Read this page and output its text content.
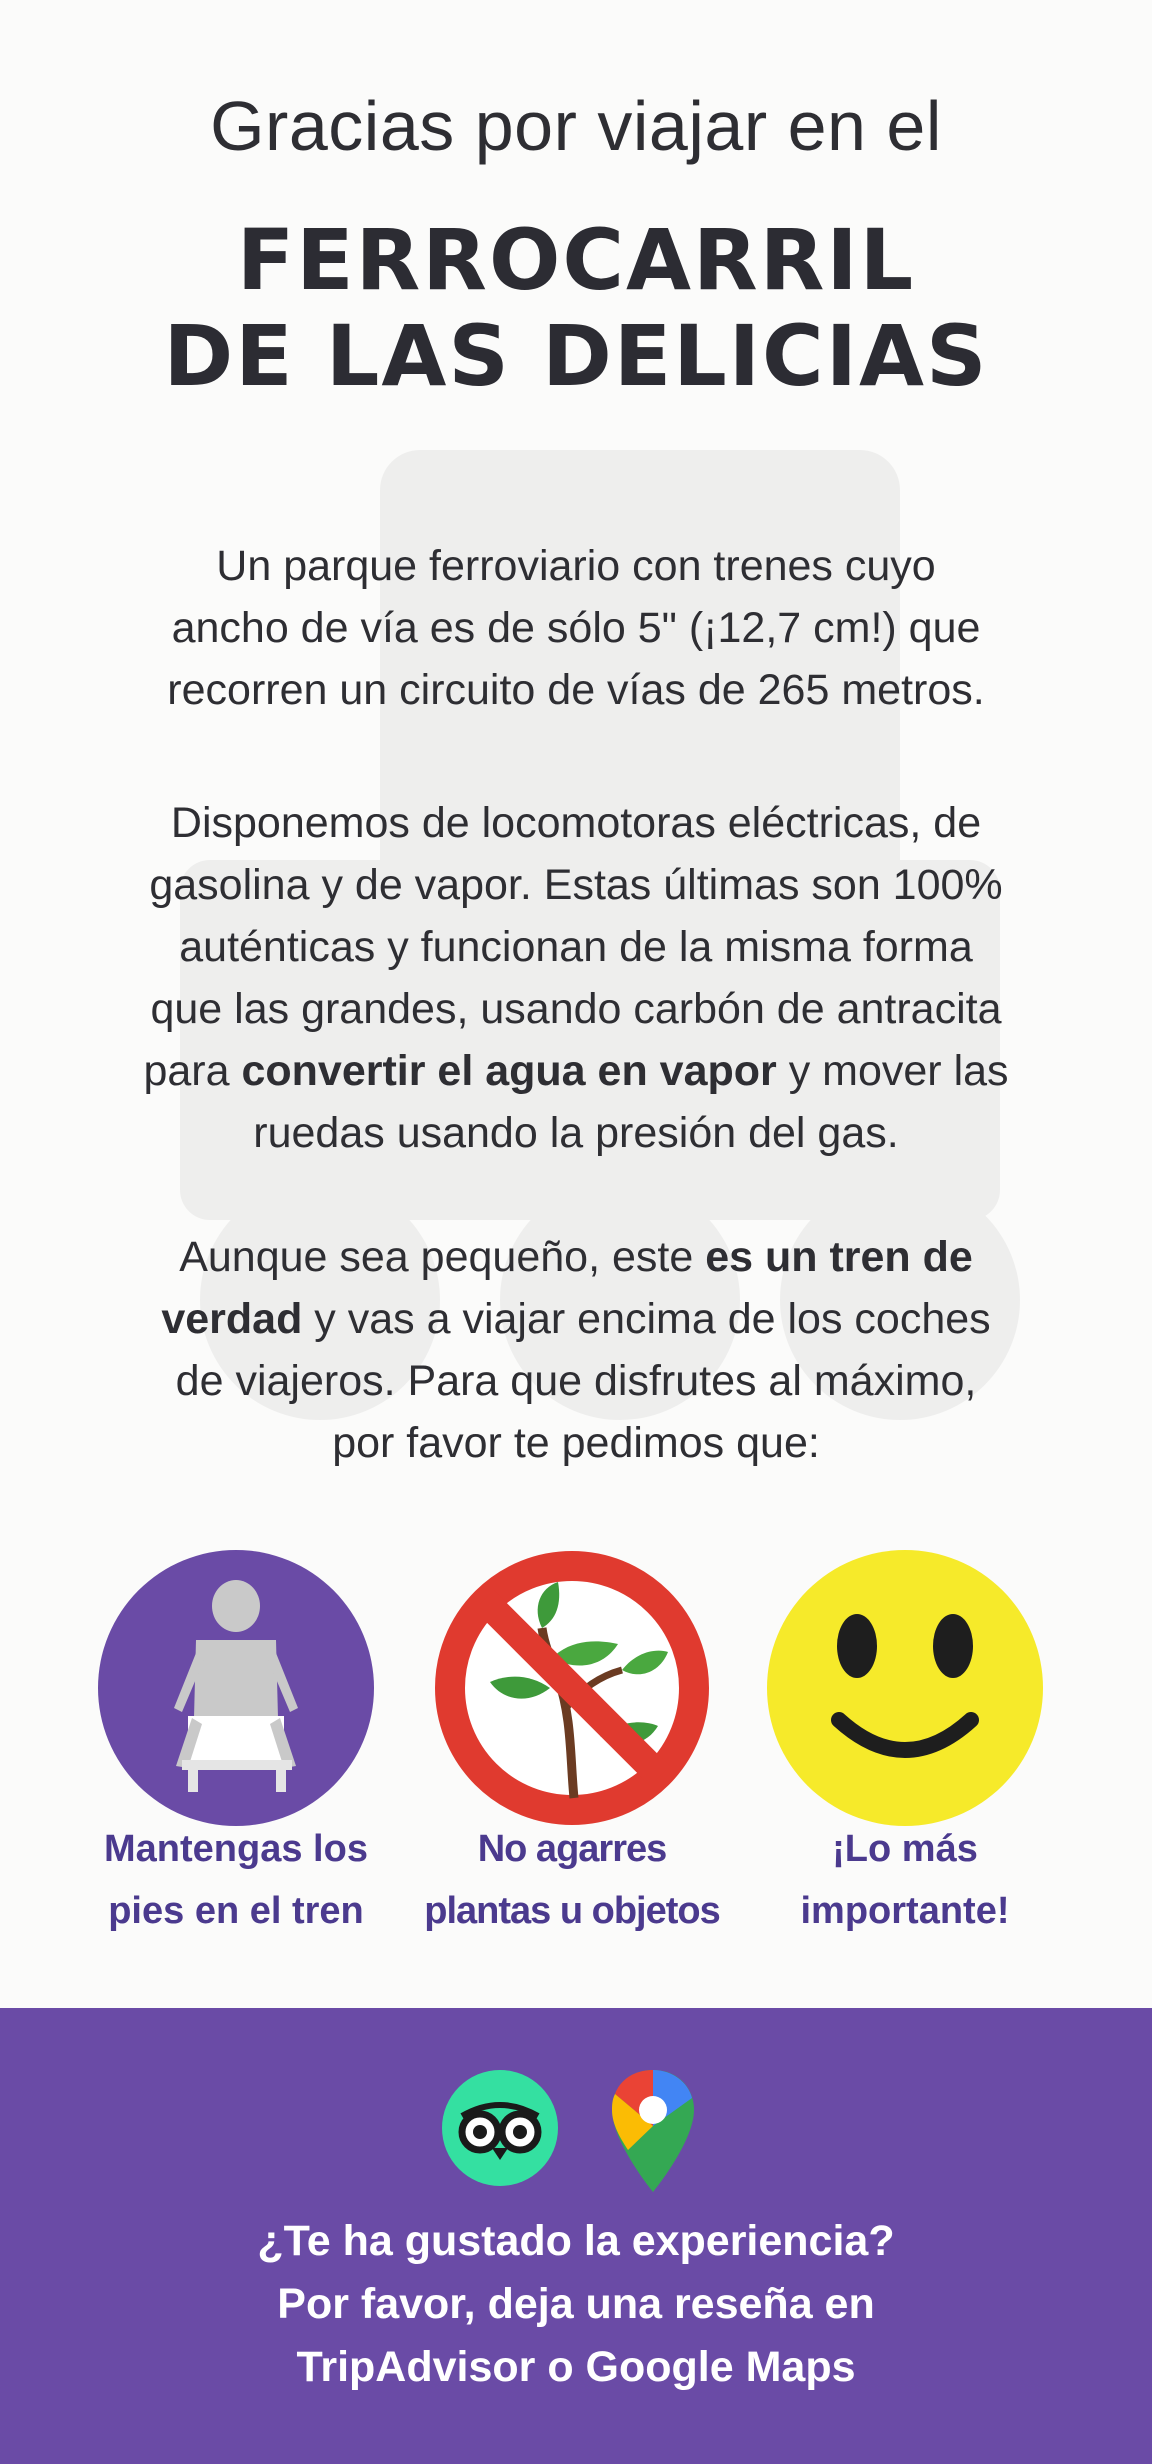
Gracias por viajar en el
FERROCARRIL
DE LAS DELICIAS
Un parque ferroviario con trenes cuyo
ancho de vía es de sólo 5" (¡12,7 cm!) que
recorren un circuito de vías de 265 metros.
Disponemos de locomotoras eléctricas, de
gasolina y de vapor. Estas últimas son 100%
auténticas y funcionan de la misma forma
que las grandes, usando carbón de antracita
para convertir el agua en vapor y mover las
ruedas usando la presión del gas.
Aunque sea pequeño, este es un tren de
verdad y vas a viajar encima de los coches
de viajeros. Para que disfrutes al máximo,
por favor te pedimos que:
Mantengas los
pies en el tren
No agarres
plantas u objetos
¡Lo más
importante!
¿Te ha gustado la experiencia?
Por favor, deja una reseña en
TripAdvisor o Google Maps
